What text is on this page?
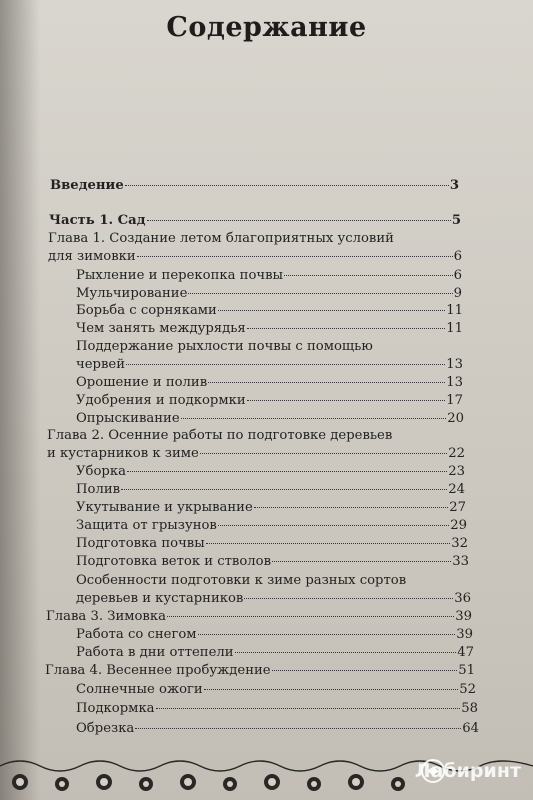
Содержание
Введение	3
Часть 1. Сад	5
Глава 1. Создание летом благоприятных условий
для зимовки	6
Рыхление и перекопка почвы	6
Мульчирование	9
Борьба с сорняками	11
Чем занять междурядья	11
Поддержание рыхлости почвы с помощью
червей	13
Орошение и полив	13
Удобрения и подкормки	17
Опрыскивание	20
Глава 2. Осенние работы по подготовке деревьев
и кустарников к зиме	22
Уборка	23
Полив	24
Укутывание и укрывание	27
Защита от грызунов	29
Подготовка почвы	32
Подготовка веток и стволов	33
Особенности подготовки к зиме разных сортов
деревьев и кустарников	36
Глава 3. Зимовка	39
Работа со снегом	39
Работа в дни оттепели	47
Глава 4. Весеннее пробуждение	51
Солнечные ожоги	52
Подкормка	58
Обрезка	64
Лабиринт
